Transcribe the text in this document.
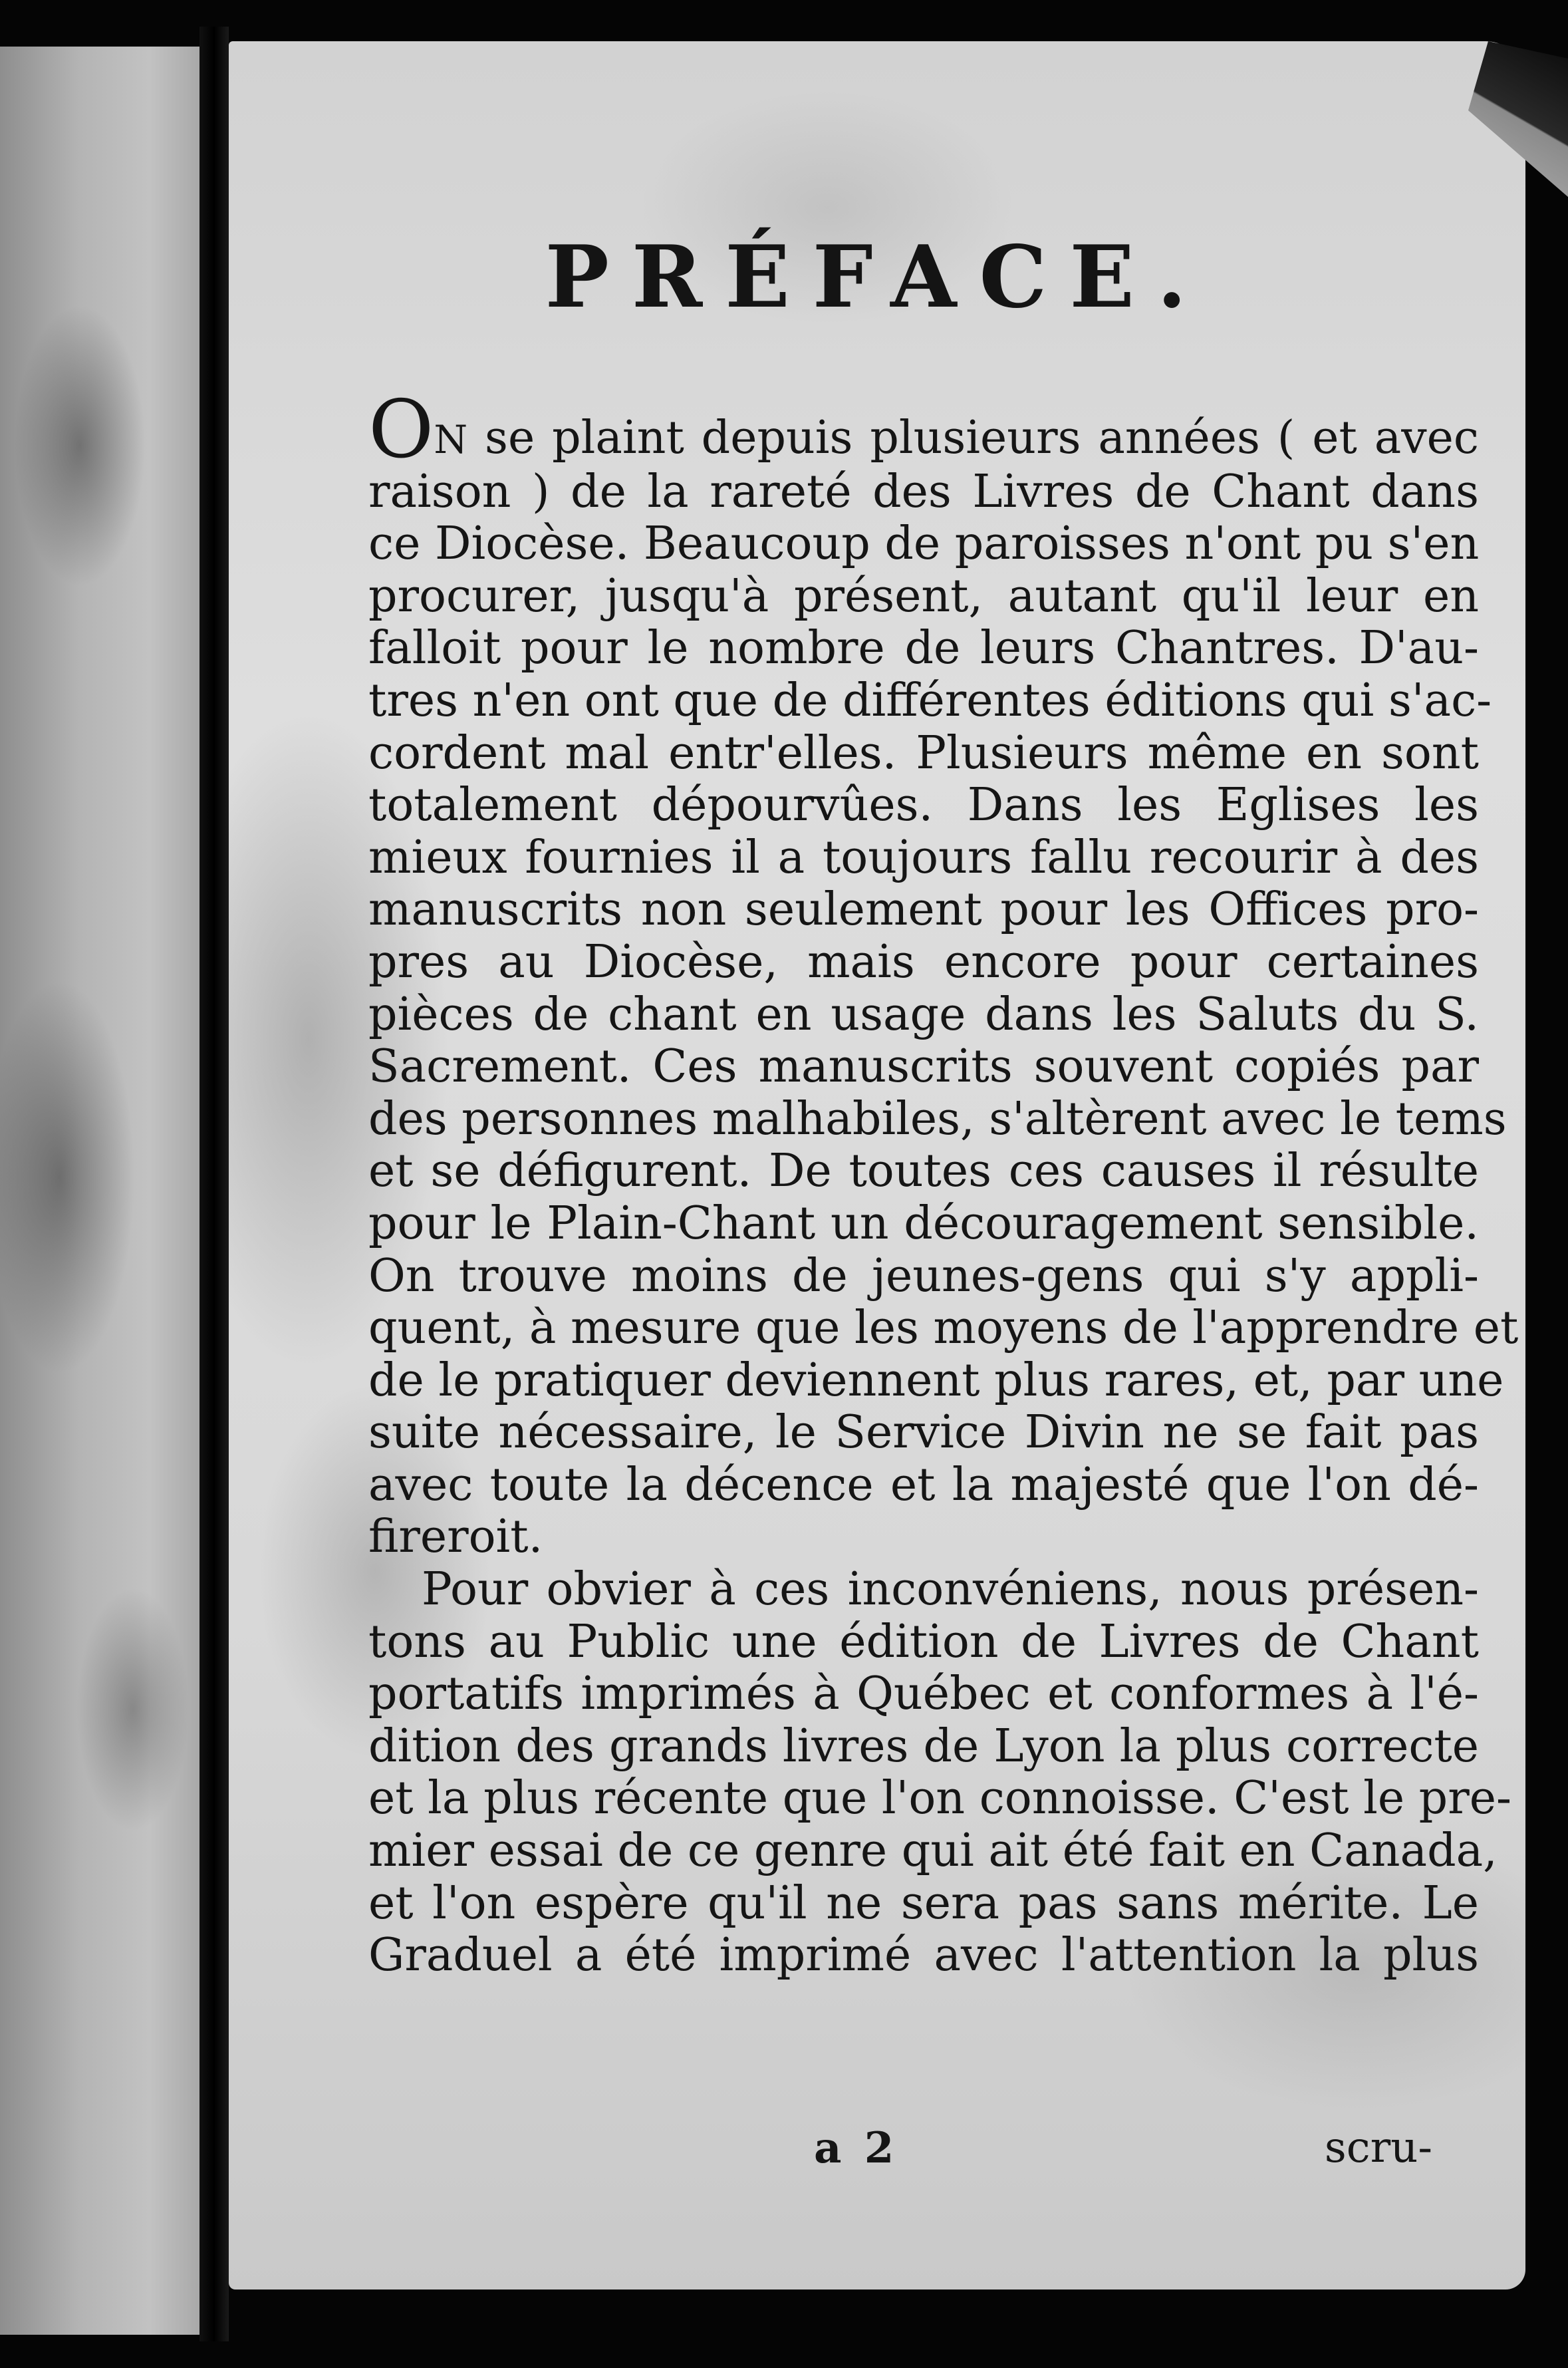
PRÉFACE.
ON se plaint depuis plusieurs années ( et avec
raison ) de la rareté des Livres de Chant dans
ce Diocèse. Beaucoup de paroisses n'ont pu s'en
procurer, jusqu'à présent, autant qu'il leur en
falloit pour le nombre de leurs Chantres. D'au-
tres n'en ont que de différentes éditions qui s'ac-
cordent mal entr'elles. Plusieurs même en sont
totalement dépourvûes. Dans les Eglises les
mieux fournies il a toujours fallu recourir à des
manuscrits non seulement pour les Offices pro-
pres au Diocèse, mais encore pour certaines
pièces de chant en usage dans les Saluts du S.
Sacrement. Ces manuscrits souvent copiés par
des personnes malhabiles, s'altèrent avec le tems
et se défigurent. De toutes ces causes il résulte
pour le Plain-Chant un découragement sensible.
On trouve moins de jeunes-gens qui s'y appli-
quent, à mesure que les moyens de l'apprendre et
de le pratiquer deviennent plus rares, et, par une
suite nécessaire, le Service Divin ne se fait pas
avec toute la décence et la majesté que l'on dé-
fireroit.
Pour obvier à ces inconvéniens, nous présen-
tons au Public une édition de Livres de Chant
portatifs imprimés à Québec et conformes à l'é-
dition des grands livres de Lyon la plus correcte
et la plus récente que l'on connoisse. C'est le pre-
mier essai de ce genre qui ait été fait en Canada,
et l'on espère qu'il ne sera pas sans mérite. Le
Graduel a été imprimé avec l'attention la plus
a 2	scru-
